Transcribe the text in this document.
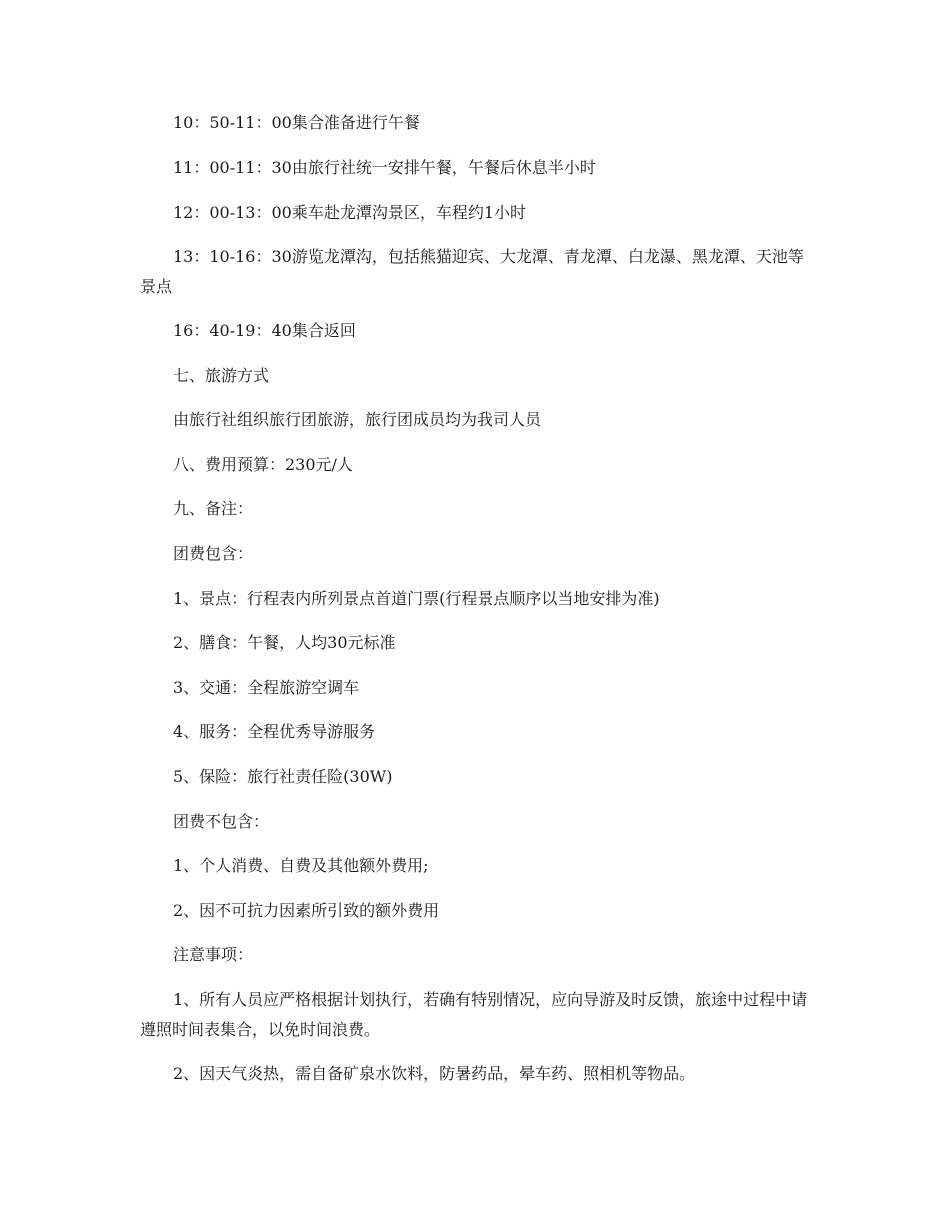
10：50-11：00集合准备进行午餐

11：00-11：30由旅行社统一安排午餐，午餐后休息半小时

12：00-13：00乘车赴龙潭沟景区，车程约1小时

13：10-16：30游览龙潭沟，包括熊猫迎宾、大龙潭、青龙潭、白龙瀑、黑龙潭、天池等景点

16：40-19：40集合返回

七、旅游方式

由旅行社组织旅行团旅游，旅行团成员均为我司人员

八、费用预算：230元/人

九、备注：

团费包含：

1、景点：行程表内所列景点首道门票(行程景点顺序以当地安排为准)

2、膳食：午餐，人均30元标准

3、交通：全程旅游空调车

4、服务：全程优秀导游服务

5、保险：旅行社责任险(30W)

团费不包含：

1、个人消费、自费及其他额外费用;

2、因不可抗力因素所引致的额外费用

注意事项：

1、所有人员应严格根据计划执行，若确有特别情况，应向导游及时反馈，旅途中过程中请遵照时间表集合，以免时间浪费。

2、因天气炎热，需自备矿泉水饮料，防暑药品，晕车药、照相机等物品。
